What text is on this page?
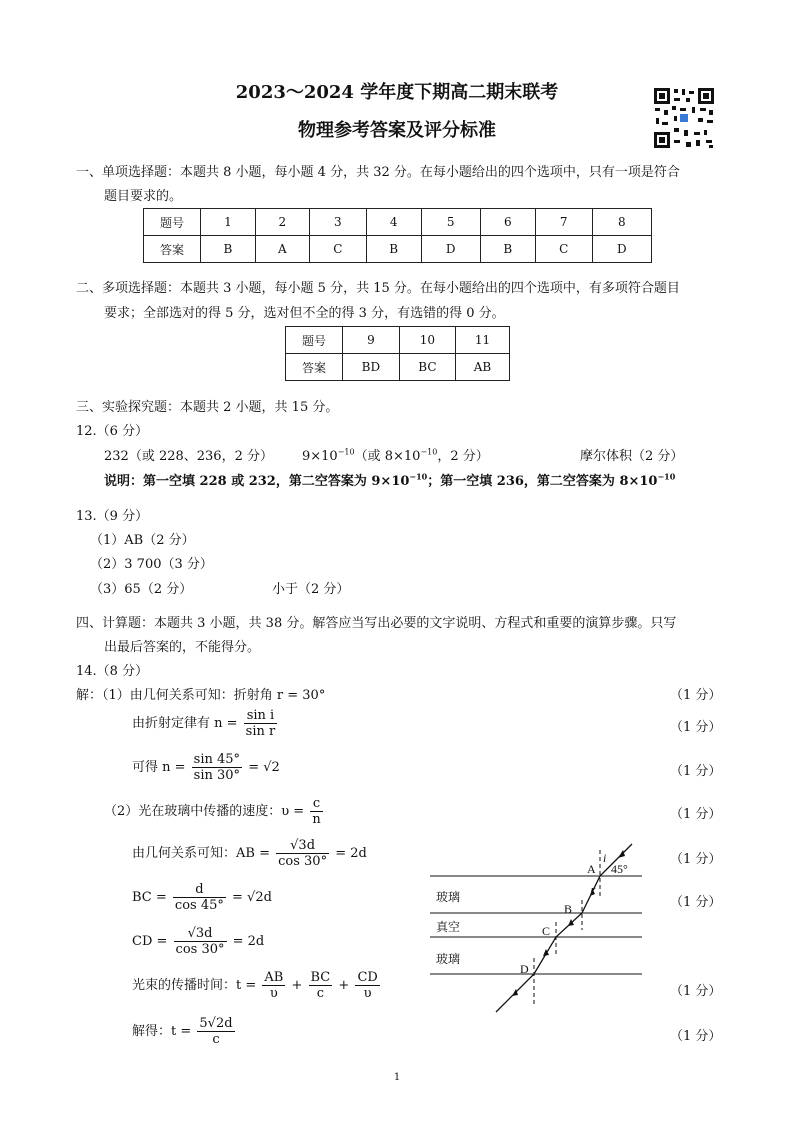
2023～2024 学年度下期高二期末联考
物理参考答案及评分标准
一、单项选择题：本题共 8 小题，每小题 4 分，共 32 分。在每小题给出的四个选项中，只有一项是符合
题目要求的。
题号	1	2	3	4	5	6	7	8
答案	B	A	C	B	D	B	C	D
二、多项选择题：本题共 3 小题，每小题 5 分，共 15 分。在每小题给出的四个选项中，有多项符合题目
要求；全部选对的得 5 分，选对但不全的得 3 分，有选错的得 0 分。
题号	9	10	11
答案	BD	BC	AB
三、实验探究题：本题共 2 小题，共 15 分。
12.（6 分）
232（或 228、236，2 分） $9\times 10^{-10}$（或 $8\times 10^{-10}$，2 分）	摩尔体积（2 分）
说明：第一空填 228 或 232，第二空答案为 $9\times 10^{-10}$；第一空填 236，第二空答案为 $8\times 10^{-10}$
13.（9 分）
（1）AB（2 分）
（2）3 700（3 分）
（3）65（2 分）	小于（2 分）
四、计算题：本题共 3 小题，共 38 分。解答应当写出必要的文字说明、方程式和重要的演算步骤。只写
出最后答案的，不能得分。
14.（8 分）
解：（1）由几何关系可知：折射角 r = 30°	（1 分）
由折射定律有 $n = \frac{\text{sin i}}{\text{sin r}}$	（1 分）
可得 $n = \frac{\sin 45^\circ}{\sin 30^\circ} = √2$	（1 分）
（2）光在玻璃中传播的速度：$\upsilon = \frac{c}{n}$	（1 分）
由几何关系可知：AB = $\frac{√3d}{\cos 30^\circ} = 2d$	（1 分）
BC = $\frac{d}{\cos 45^\circ} = √2d$	（1 分）
CD = $\frac{√3d}{\cos 30^\circ} = 2d$
光束的传播时间：$t = \frac{AB}{\upsilon} + \frac{BC}{c} + \frac{CD}{\upsilon}$	（1 分）
解得：$t = \frac{5√2d}{c}$	（1 分）
玻璃
真空
玻璃
A
B
C
D
i
r
45°
1
